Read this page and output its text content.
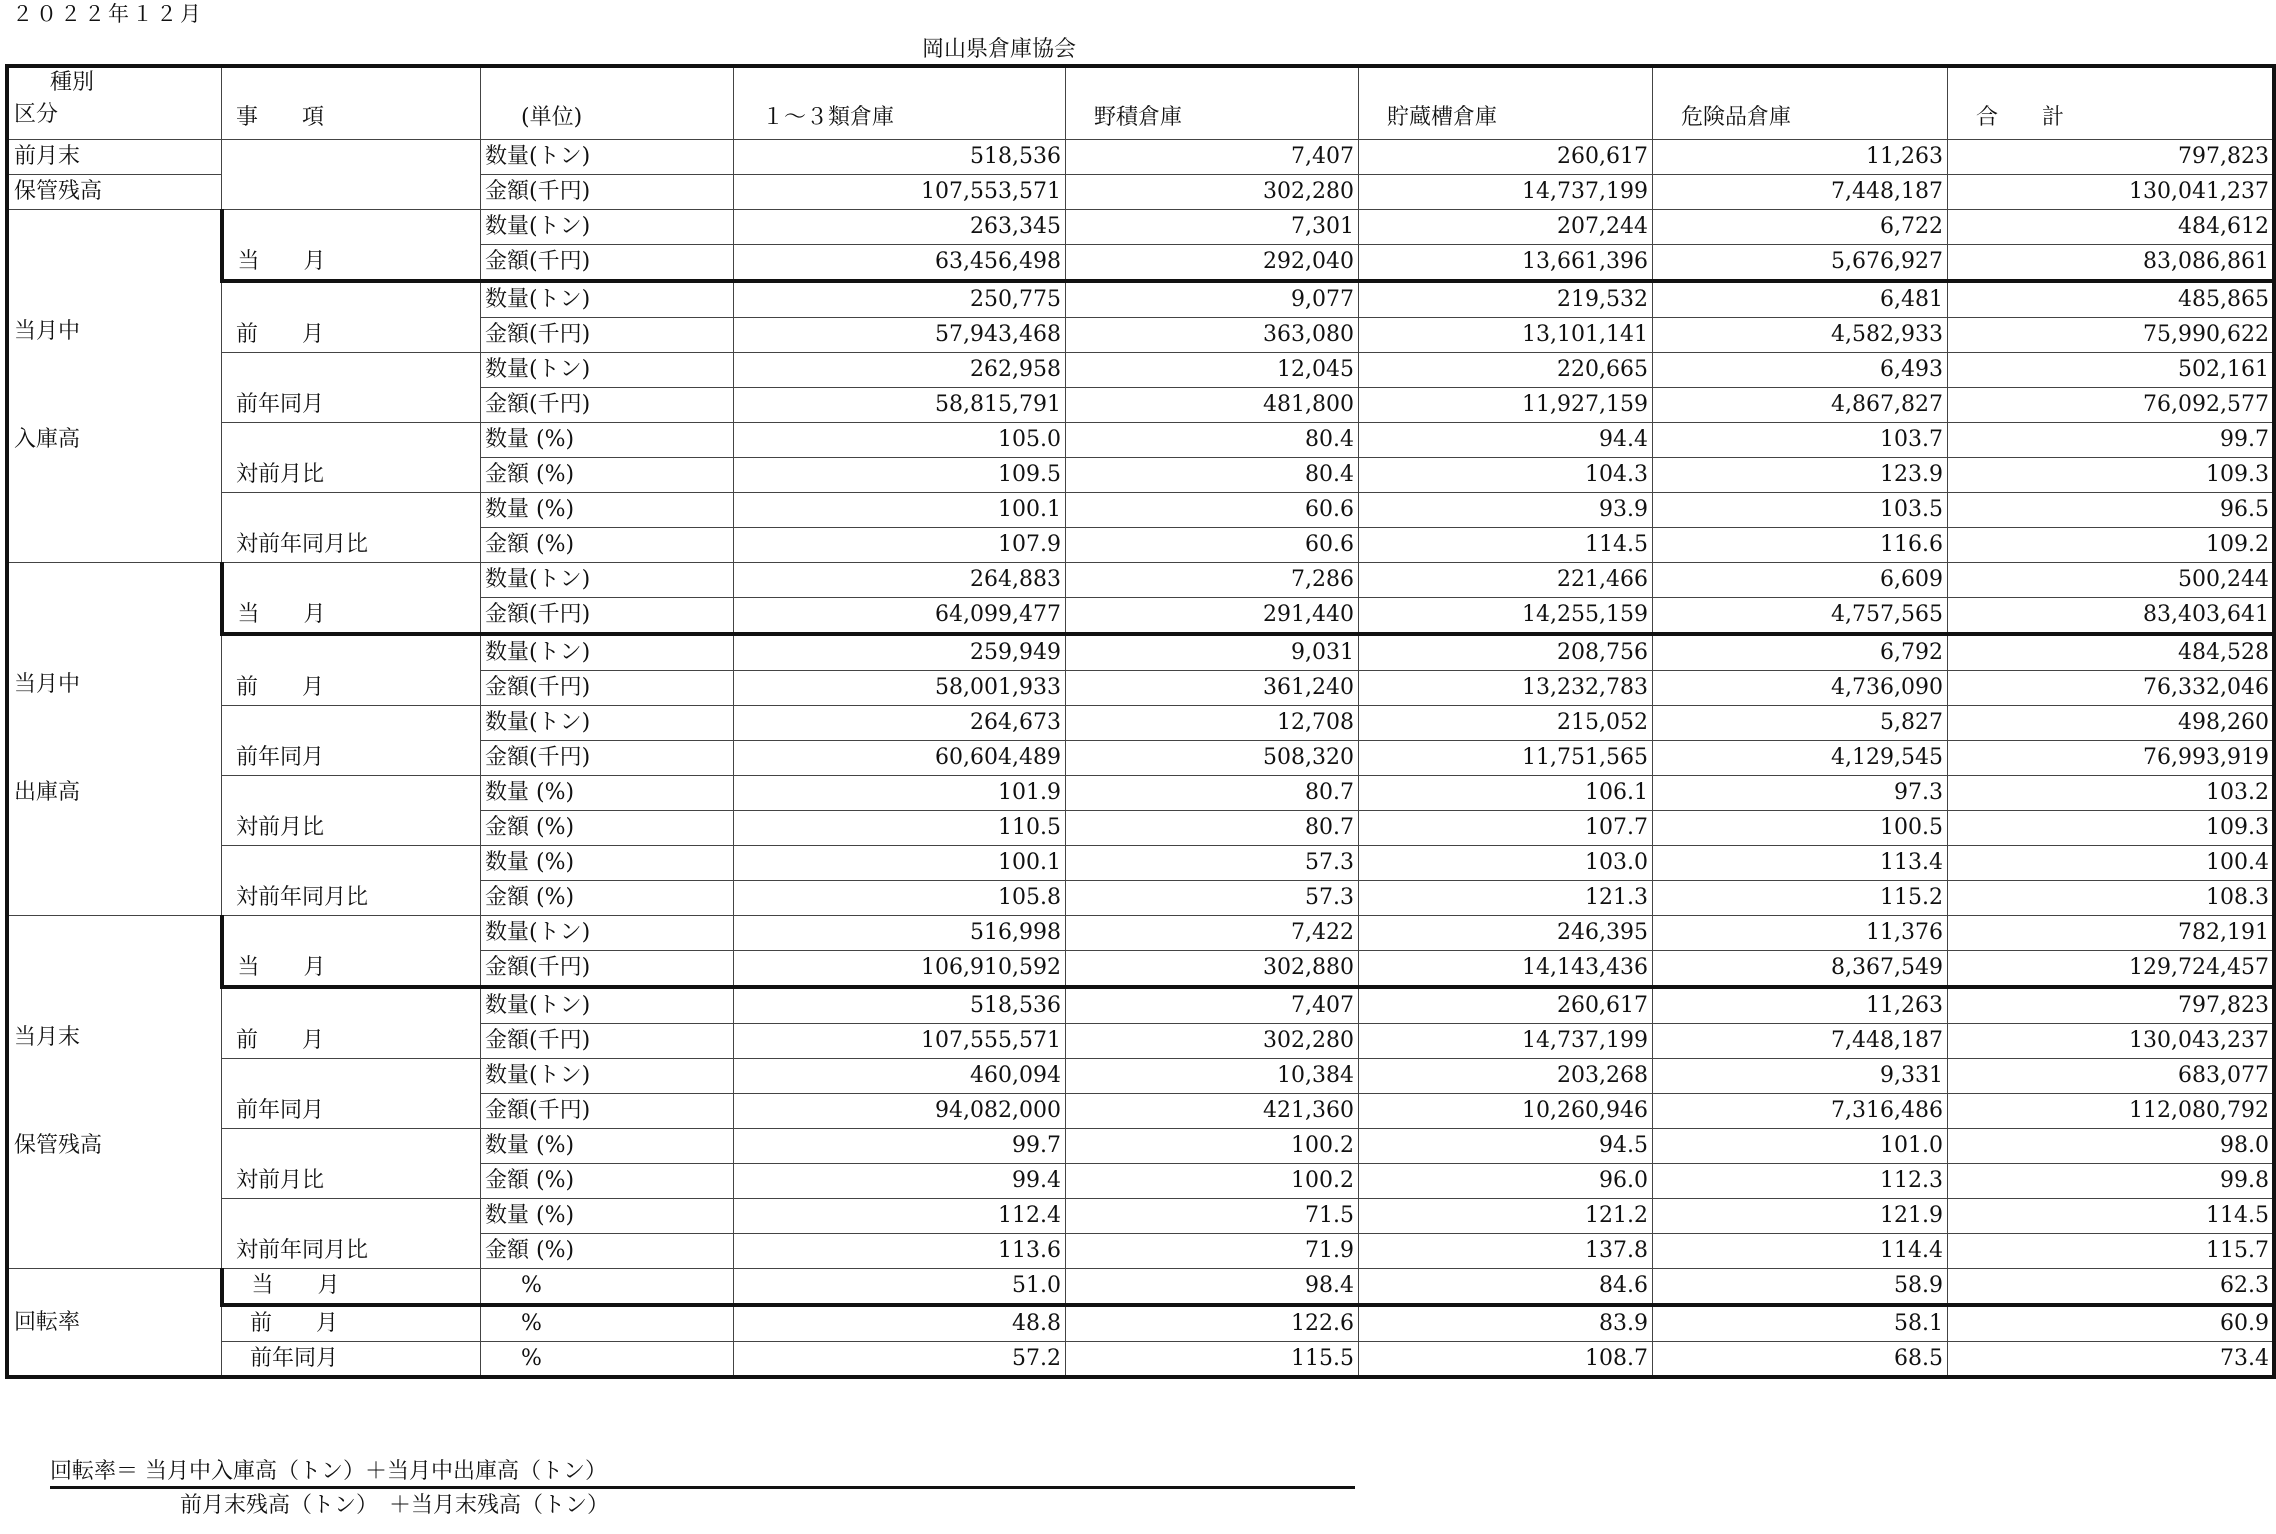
２０２２年１２月
岡山県倉庫協会
種別
区分	事　　項	(単位)	１～３類倉庫	野積倉庫	貯蔵槽倉庫	危険品倉庫	合　　計
前月末		数量(トン)	518,536	7,407	260,617	11,263	797,823
保管残高		金額(千円)	107,553,571	302,280	14,737,199	7,448,187	130,041,237

当月中
入庫高	当　　月	数量(トン)	263,345	7,301	207,244	6,722	484,612
		金額(千円)	63,456,498	292,040	13,661,396	5,676,927	83,086,861
	前　　月	数量(トン)	250,775	9,077	219,532	6,481	485,865
		金額(千円)	57,943,468	363,080	13,101,141	4,582,933	75,990,622
	前年同月	数量(トン)	262,958	12,045	220,665	6,493	502,161
		金額(千円)	58,815,791	481,800	11,927,159	4,867,827	76,092,577
	対前月比	数量 (%)	105.0	80.4	94.4	103.7	99.7
		金額 (%)	109.5	80.4	104.3	123.9	109.3
	対前年同月比	数量 (%)	100.1	60.6	93.9	103.5	96.5
		金額 (%)	107.9	60.6	114.5	116.6	109.2

当月中
出庫高	当　　月	数量(トン)	264,883	7,286	221,466	6,609	500,244
		金額(千円)	64,099,477	291,440	14,255,159	4,757,565	83,403,641
	前　　月	数量(トン)	259,949	9,031	208,756	6,792	484,528
		金額(千円)	58,001,933	361,240	13,232,783	4,736,090	76,332,046
	前年同月	数量(トン)	264,673	12,708	215,052	5,827	498,260
		金額(千円)	60,604,489	508,320	11,751,565	4,129,545	76,993,919
	対前月比	数量 (%)	101.9	80.7	106.1	97.3	103.2
		金額 (%)	110.5	80.7	107.7	100.5	109.3
	対前年同月比	数量 (%)	100.1	57.3	103.0	113.4	100.4
		金額 (%)	105.8	57.3	121.3	115.2	108.3

当月末
保管残高	当　　月	数量(トン)	516,998	7,422	246,395	11,376	782,191
		金額(千円)	106,910,592	302,880	14,143,436	8,367,549	129,724,457
	前　　月	数量(トン)	518,536	7,407	260,617	11,263	797,823
		金額(千円)	107,555,571	302,280	14,737,199	7,448,187	130,043,237
	前年同月	数量(トン)	460,094	10,384	203,268	9,331	683,077
		金額(千円)	94,082,000	421,360	10,260,946	7,316,486	112,080,792
	対前月比	数量 (%)	99.7	100.2	94.5	101.0	98.0
		金額 (%)	99.4	100.2	96.0	112.3	99.8
	対前年同月比	数量 (%)	112.4	71.5	121.2	121.9	114.5
		金額 (%)	113.6	71.9	137.8	114.4	115.7
回転率	当　　月	%	51.0	98.4	84.6	58.9	62.3
	前　　月	%	48.8	122.6	83.9	58.1	60.9
	前年同月	%	57.2	115.5	108.7	68.5	73.4
回転率＝ 当月中入庫高（トン）＋当月中出庫高（トン）
前月末残高（トン）　＋当月末残高（トン）
